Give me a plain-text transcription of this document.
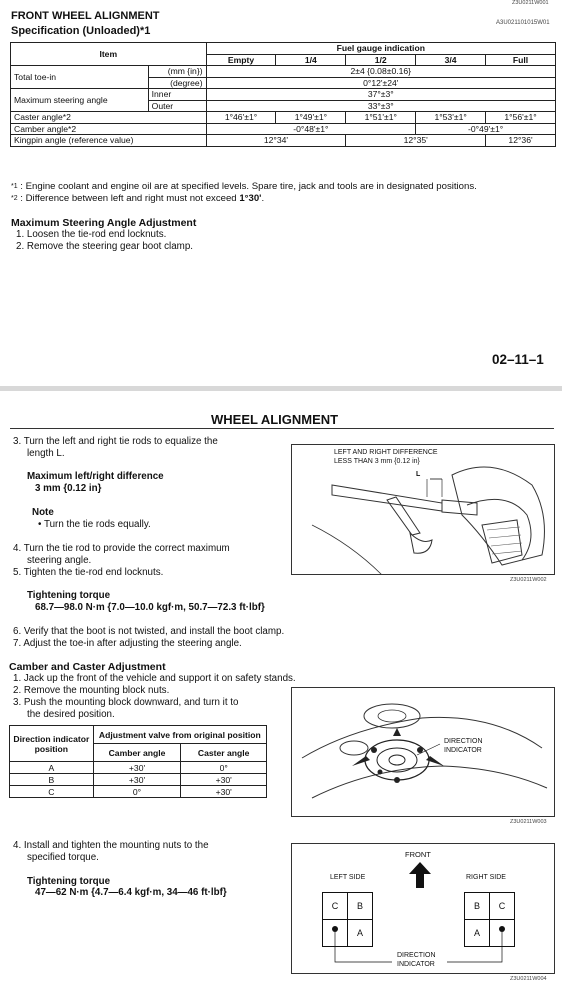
Z3U0211W001
FRONT WHEEL ALIGNMENT
A3U021101015W01
Specification (Unloaded)*1
Item		Fuel gauge indication				
		Empty	1/4	1/2	3/4	Full
Total toe-in	(mm {in})	2±4 {0.08±0.16}				
	(degree)	0°12'±24'				
Maximum steering angle	Inner	37°±3°				
	Outer	33°±3°				
Caster angle*2		1°46'±1°	1°49'±1°	1°51'±1°	1°53'±1°	1°56'±1°
Camber angle*2		-0°48'±1°			-0°49'±1°	
Kingpin angle (reference value)		12°34'		12°35'		12°36'
$^{*1}$ : Engine coolant and engine oil are at specified levels. Spare tire, jack and tools are in designated positions.
$^{*2}$ : Difference between left and right must not exceed 1°30'.
Maximum Steering Angle Adjustment
1. Loosen the tie-rod end locknuts.
2. Remove the steering gear boot clamp.
02–11–1
WHEEL ALIGNMENT
3. Turn the left and right tie rods to equalize the
length L.
Maximum left/right difference
3 mm {0.12 in}
Note
• Turn the tie rods equally.
4. Turn the tie rod to provide the correct maximum
steering angle.
5. Tighten the tie-rod end locknuts.
Tightening torque
68.7—98.0 N·m {7.0—10.0 kgf·m, 50.7—72.3 ft·lbf}
6. Verify that the boot is not twisted, and install the boot clamp.
7. Adjust the toe-in after adjusting the steering angle.
LEFT AND RIGHT DIFFERENCE
LESS THAN 3 mm {0.12 in}
L
Z3U0211W002
Camber and Caster Adjustment
1. Jack up the front of the vehicle and support it on safety stands.
2. Remove the mounting block nuts.
3. Push the mounting block downward, and turn it to
the desired position.
Direction indicator position	Adjustment valve from original position	
	Camber angle	Caster angle
A	+30'	0°
B	+30'	+30'
C	0°	+30'
DIRECTION
INDICATOR
Z3U0211W003
4. Install and tighten the mounting nuts to the
specified torque.
Tightening torque
47—62 N·m {4.7—6.4 kgf·m, 34—46 ft·lbf}
FRONT
LEFT SIDE	RIGHT SIDE
C	B
A
B	C
A
DIRECTION
INDICATOR
Z3U0211W004
